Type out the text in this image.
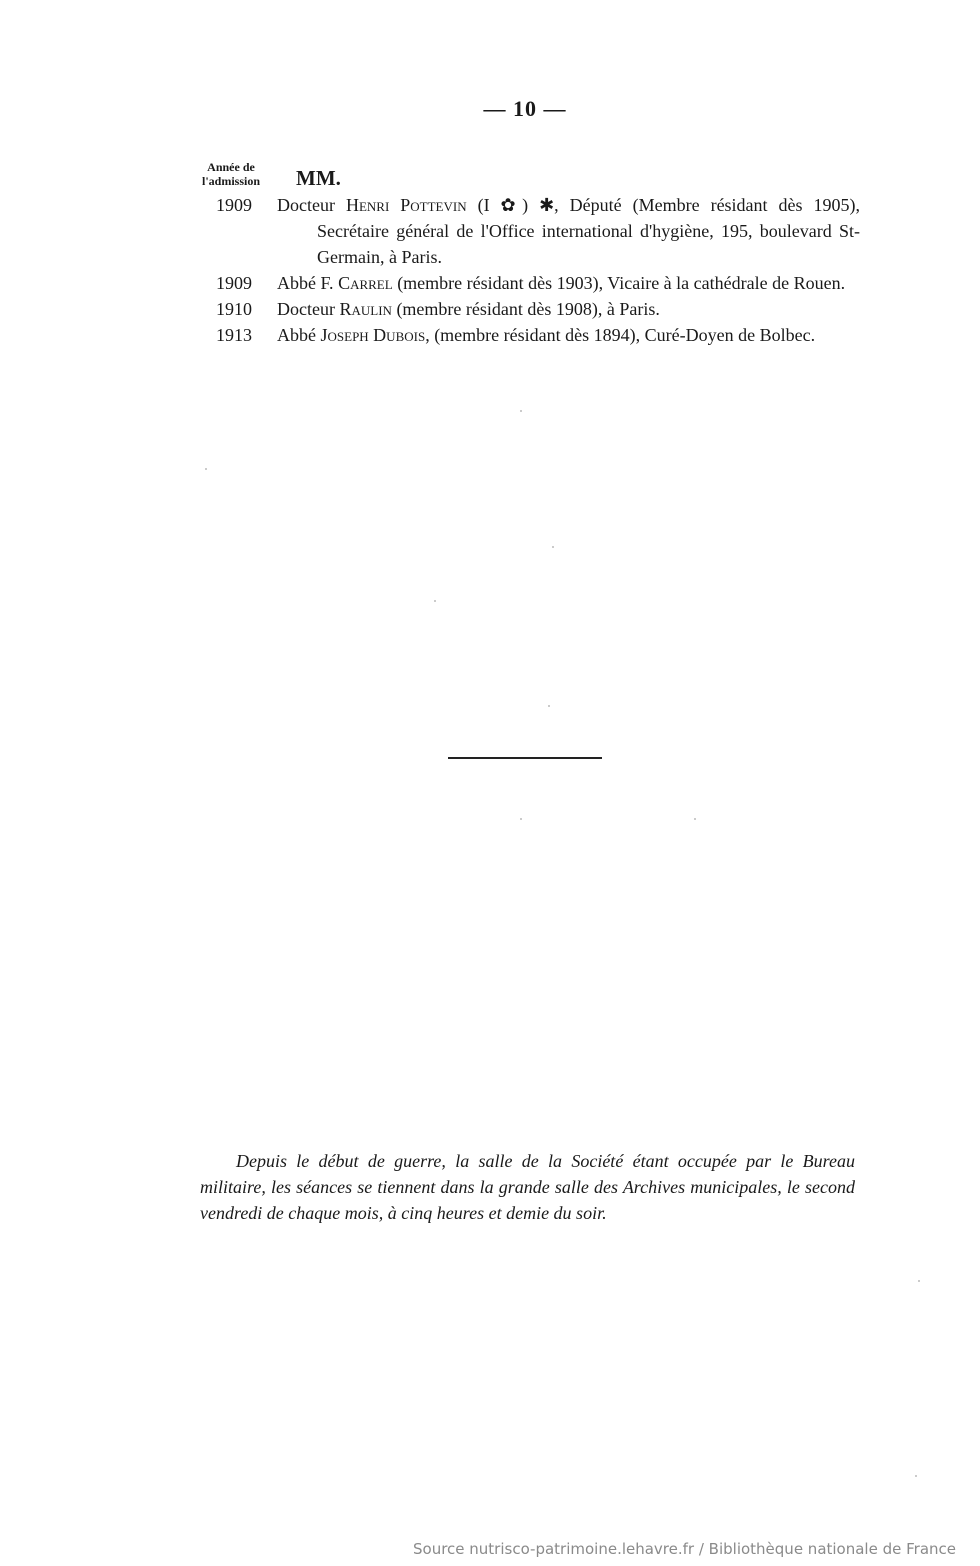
— 10 —
Année de
l'admission	MM.
1909	Docteur Henri Pottevin (I ✿) ✱, Député (Membre résidant dès 1905), Secrétaire général de l'Office international d'hygiène, 195, boulevard St-Germain, à Paris.
1909	Abbé F. Carrel (membre résidant dès 1903), Vicaire à la cathédrale de Rouen.
1910	Docteur Raulin (membre résidant dès 1908), à Paris.
1913	Abbé Joseph Dubois, (membre résidant dès 1894), Curé-Doyen de Bolbec.
Depuis le début de guerre, la salle de la Société étant occupée par le Bureau militaire, les séances se tiennent dans la grande salle des Archives municipales, le second vendredi de chaque mois, à cinq heures et demie du soir.
Source nutrisco-patrimoine.lehavre.fr / Bibliothèque nationale de France
